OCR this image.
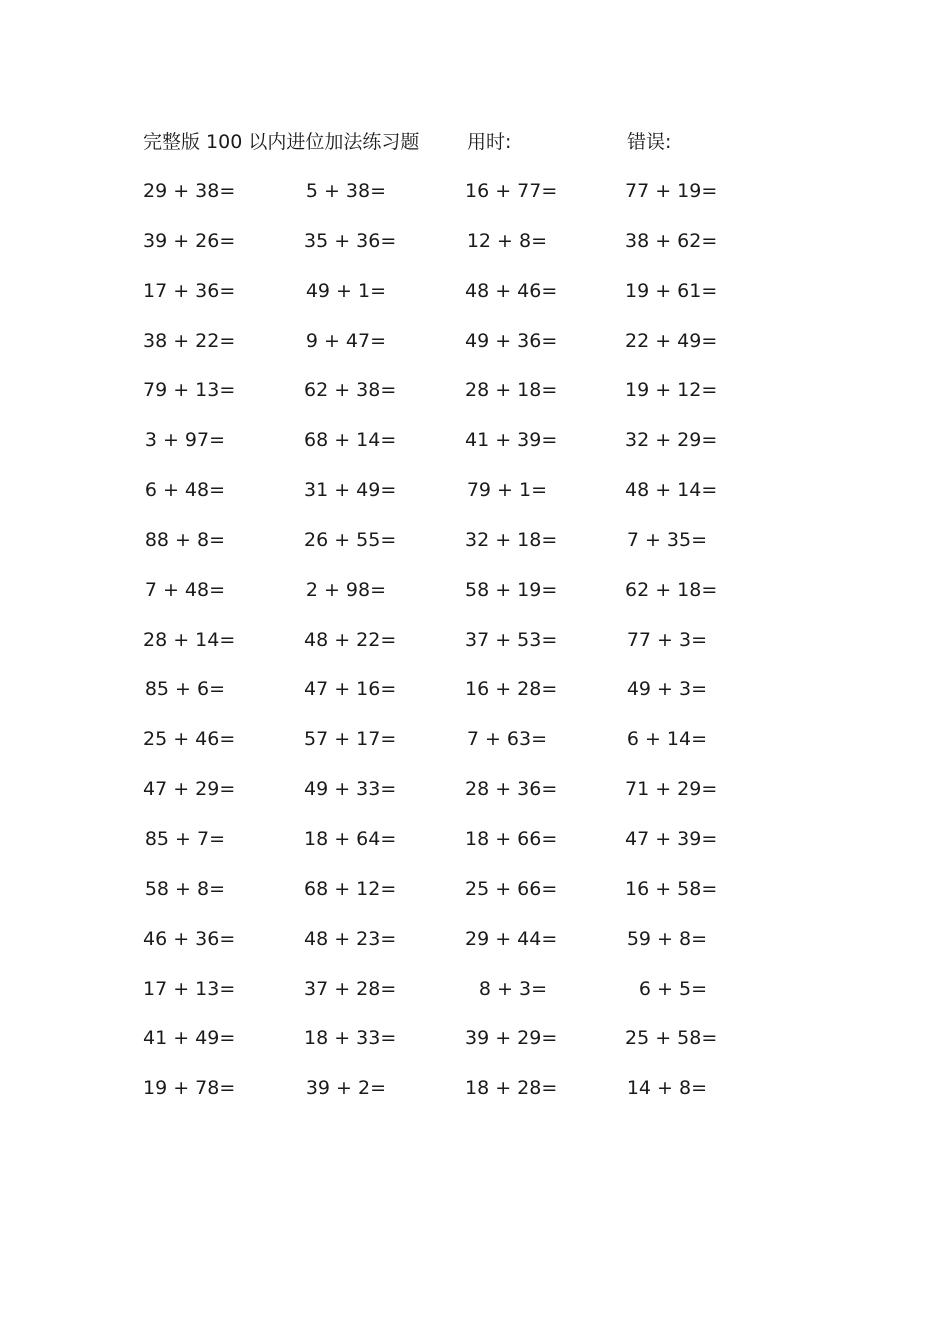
完整版 100 以内进位加法练习题	用时:	错误:
29 + 38=	5 + 38=	16 + 77=	77 + 19=
39 + 26=	35 + 36=	12 + 8=	38 + 62=
17 + 36=	49 + 1=	48 + 46=	19 + 61=
38 + 22=	9 + 47=	49 + 36=	22 + 49=
79 + 13=	62 + 38=	28 + 18=	19 + 12=
3 + 97=	68 + 14=	41 + 39=	32 + 29=
6 + 48=	31 + 49=	79 + 1=	48 + 14=
88 + 8=	26 + 55=	32 + 18=	7 + 35=
7 + 48=	2 + 98=	58 + 19=	62 + 18=
28 + 14=	48 + 22=	37 + 53=	77 + 3=
85 + 6=	47 + 16=	16 + 28=	49 + 3=
25 + 46=	57 + 17=	7 + 63=	6 + 14=
47 + 29=	49 + 33=	28 + 36=	71 + 29=
85 + 7=	18 + 64=	18 + 66=	47 + 39=
58 + 8=	68 + 12=	25 + 66=	16 + 58=
46 + 36=	48 + 23=	29 + 44=	59 + 8=
17 + 13=	37 + 28=	8 + 3=	6 + 5=
41 + 49=	18 + 33=	39 + 29=	25 + 58=
19 + 78=	39 + 2=	18 + 28=	14 + 8=
